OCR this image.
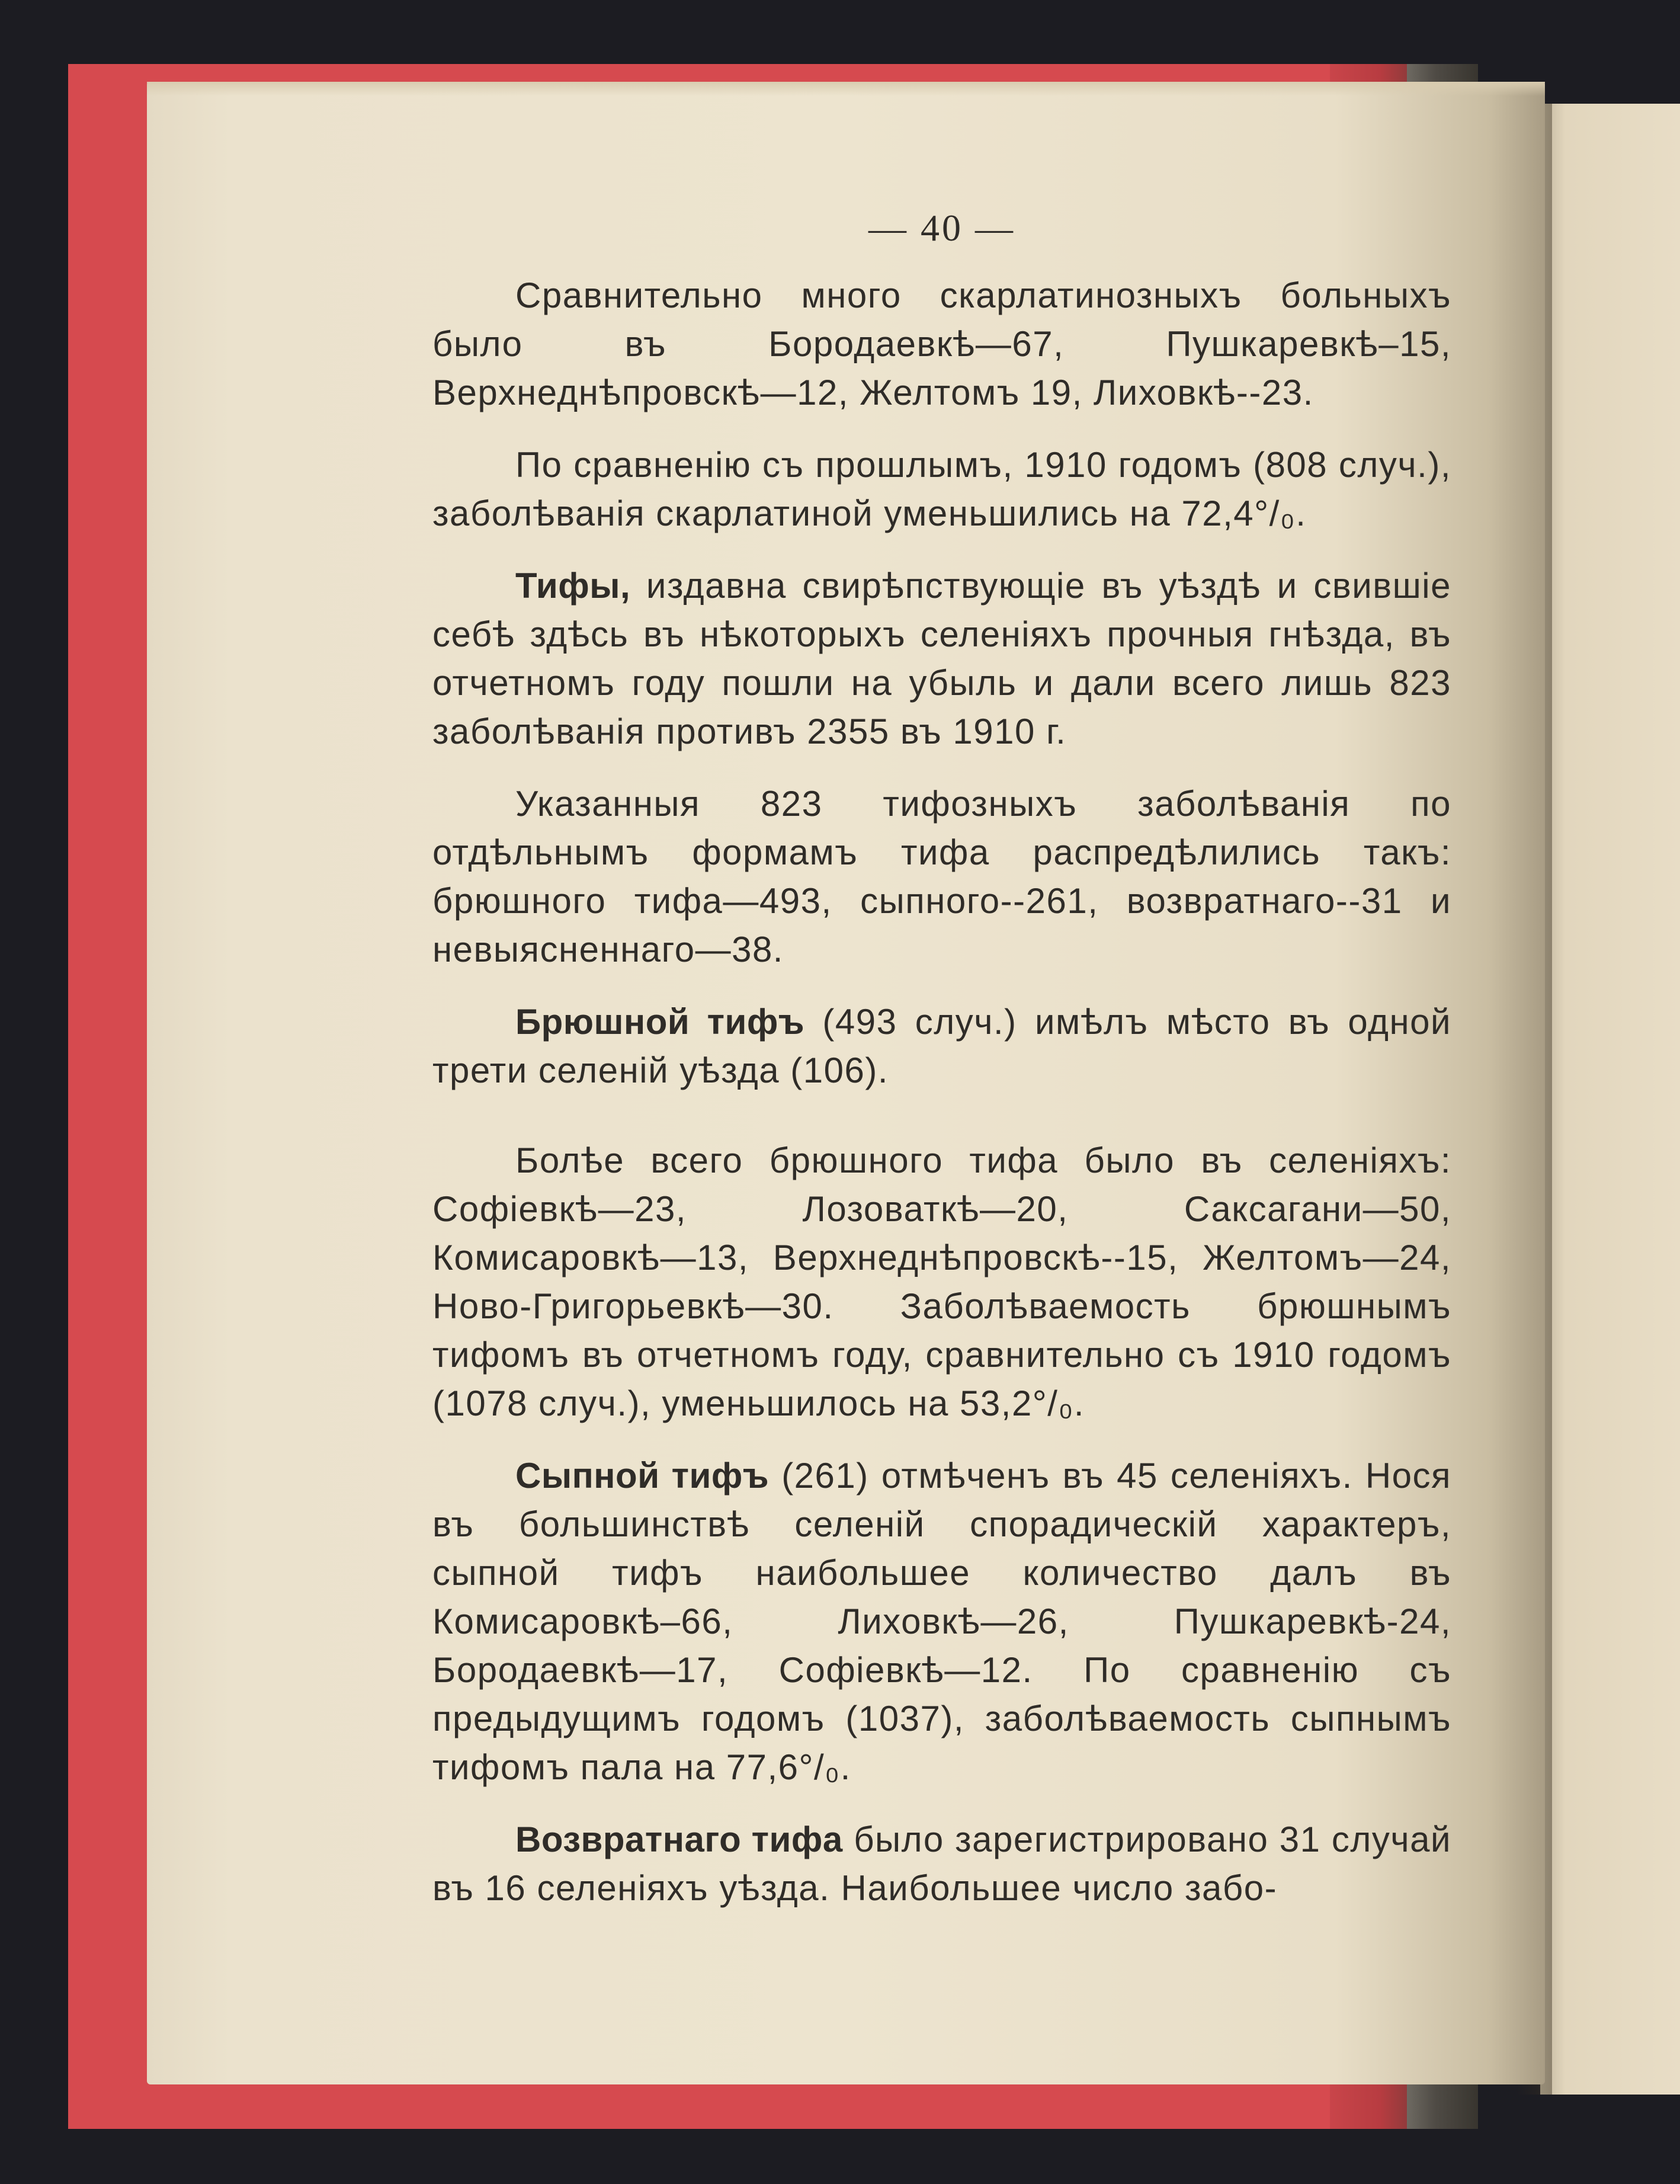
— 40 —

Сравнительно много скарлатинозныхъ больныхъ было въ Бородаевкѣ—67, Пушкаревкѣ–15, Верхнеднѣпровскѣ—12, Желтомъ 19, Лиховкѣ--23.

По сравненію съ прошлымъ, 1910 годомъ (808 случ.), заболѣванія скарлатиной уменьшились на 72,4°/₀.

Тифы, издавна свирѣпствующіе въ уѣздѣ и свившіе себѣ здѣсь въ нѣкоторыхъ селеніяхъ прочныя гнѣзда, въ отчетномъ году пошли на убыль и дали всего лишь 823 заболѣванія противъ 2355 въ 1910 г.

Указанныя 823 тифозныхъ заболѣванія по отдѣльнымъ формамъ тифа распредѣлились такъ: брюшного тифа—493, сыпного--261, возвратнаго--31 и невыясненнаго—38.

Брюшной тифъ (493 случ.) имѣлъ мѣсто въ одной трети селеній уѣзда (106).

Болѣе всего брюшного тифа было въ селеніяхъ: Софіевкѣ—23, Лозоваткѣ—20, Саксагани—50, Комисаровкѣ—13, Верхнеднѣпровскѣ--15, Желтомъ—24, Ново-Григорьевкѣ—30. Заболѣваемость брюшнымъ тифомъ въ отчетномъ году, сравнительно съ 1910 годомъ (1078 случ.), уменьшилось на 53,2°/₀.

Сыпной тифъ (261) отмѣченъ въ 45 селеніяхъ. Нося въ большинствѣ селеній спорадическій характеръ, сыпной тифъ наибольшее количество далъ въ Комисаровкѣ–66, Лиховкѣ—26, Пушкаревкѣ-24, Бородаевкѣ—17, Софіевкѣ—12. По сравненію съ предыдущимъ годомъ (1037), заболѣваемость сыпнымъ тифомъ пала на 77,6°/₀.

Возвратнаго тифа было зарегистрировано 31 случай въ 16 селеніяхъ уѣзда. Наибольшее число забо-
